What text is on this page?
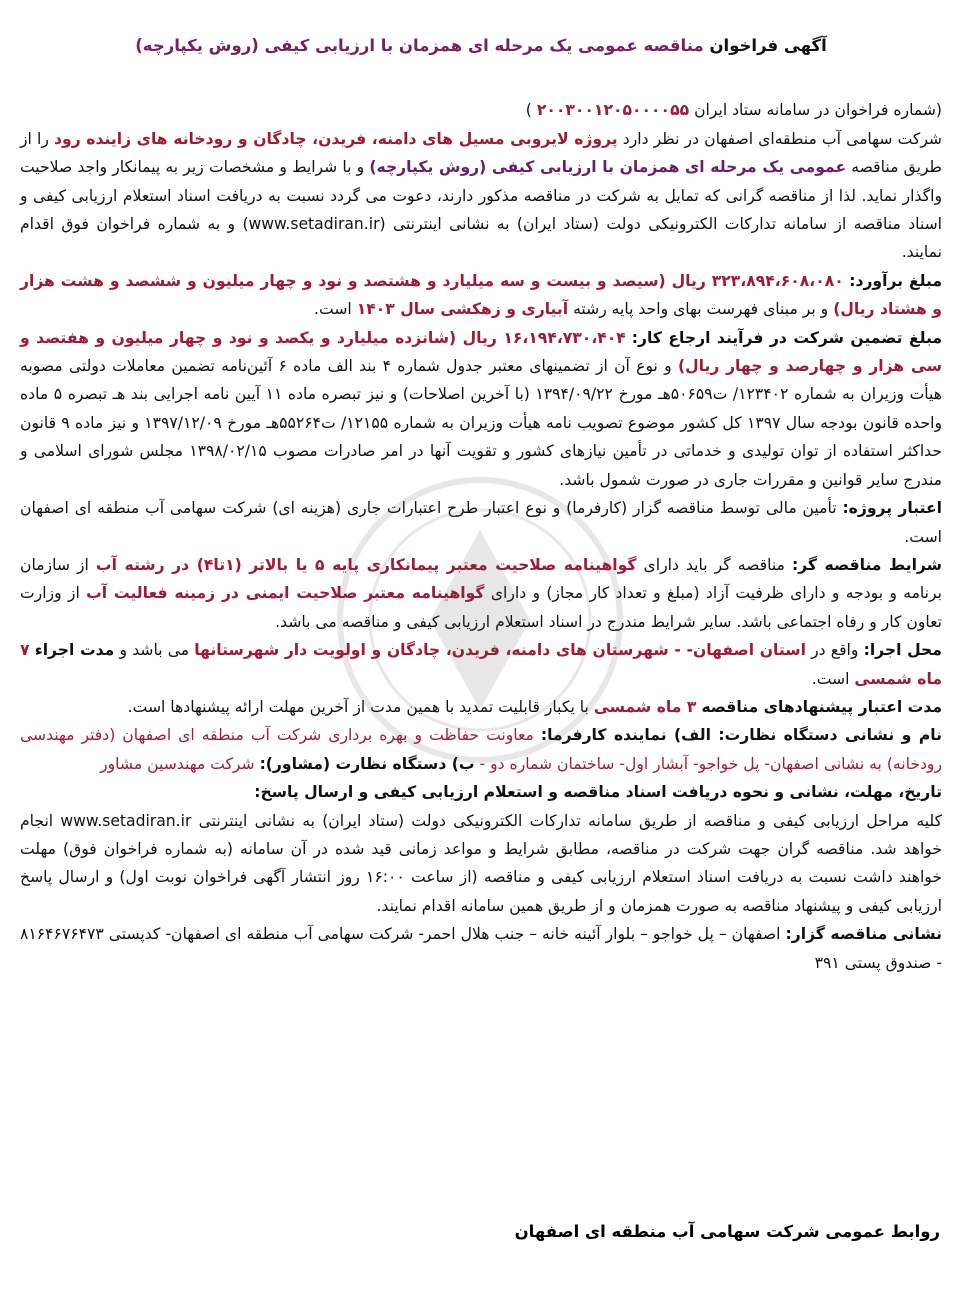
آگهی فراخوان مناقصه عمومی یک مرحله ای همزمان با ارزیابی کیفی (روش یکپارچه)

(شماره فراخوان در سامانه ستاد ایران ۲۰۰۳۰۰۱۲۰۵۰۰۰۰۵۵ )

شرکت سهامی آب منطقه‌ای اصفهان در نظر دارد پروژه لایروبی مسیل های دامنه، فریدن، چادگان و رودخانه های زاینده رود را از طریق مناقصه عمومی یک مرحله ای همزمان با ارزیابی کیفی (روش یکپارچه) و با شرایط و مشخصات زیر به پیمانکار واجد صلاحیت واگذار نماید. لذا از مناقصه گرانی که تمایل به شرکت در مناقصه مذکور دارند، دعوت می گردد نسبت به دریافت اسناد استعلام ارزیابی کیفی و اسناد مناقصه از سامانه تدارکات الکترونیکی دولت (ستاد ایران) به نشانی اینترنتی (www.setadiran.ir) و به شماره فراخوان فوق اقدام نمایند.

مبلغ برآورد: ۳۲۳،۸۹۴،۶۰۸،۰۸۰ ریال (سیصد و بیست و سه میلیارد و هشتصد و نود و چهار میلیون و ششصد و هشت هزار و هشتاد ریال) و بر مبنای فهرست بهای واحد پایه رشته آبیاری و زهکشی سال ۱۴۰۳ است.

مبلغ تضمین شرکت در فرآیند ارجاع کار: ۱۶،۱۹۴،۷۳۰،۴۰۴ ریال (شانزده میلیارد و یکصد و نود و چهار میلیون و هفتصد و سی هزار و چهارصد و چهار ریال) و نوع آن از تضمینهای معتبر جدول شماره ۴ بند الف ماده ۶ آئین‌نامه تضمین معاملات دولتی مصوبه هیأت وزیران به شماره ۱۲۳۴۰۲/ ت۵۰۶۵۹هـ مورخ ۱۳۹۴/۰۹/۲۲ (با آخرین اصلاحات) و نیز تبصره ماده ۱۱ آیین نامه اجرایی بند هـ تبصره ۵ ماده واحده قانون بودجه سال ۱۳۹۷ کل کشور موضوع تصویب نامه هیأت وزیران به شماره ۱۲۱۵۵/ ت۵۵۲۶۴هـ مورخ ۱۳۹۷/۱۲/۰۹ و نیز ماده ۹ قانون حداکثر استفاده از توان تولیدی و خدماتی در تأمین نیازهای کشور و تقویت آنها در امر صادرات مصوب ۱۳۹۸/۰۲/۱۵ مجلس شورای اسلامی و مندرج سایر قوانین و مقررات جاری در صورت شمول باشد.

اعتبار پروژه: تأمین مالی توسط مناقصه گزار (کارفرما) و نوع اعتبار طرح اعتبارات جاری (هزینه ای) شرکت سهامی آب منطقه ای اصفهان است.

شرایط مناقصه گر: مناقصه گر باید دارای گواهینامه صلاحیت معتبر پیمانکاری پایه ۵ یا بالاتر (۱تا۴) در رشته آب از سازمان برنامه و بودجه و دارای ظرفیت آزاد (مبلغ و تعداد کار مجاز) و دارای گواهینامه معتبر صلاحیت ایمنی در زمینه فعالیت آب از وزارت تعاون کار و رفاه اجتماعی باشد. سایر شرایط مندرج در اسناد استعلام ارزیابی کیفی و مناقصه می باشد.

محل اجرا: واقع در استان اصفهان- - شهرستان های دامنه، فریدن، چادگان و اولویت دار شهرستانها می باشد و مدت اجراء ۷ ماه شمسی است.

مدت اعتبار پیشنهادهای مناقصه ۳ ماه شمسی با یکبار قابلیت تمدید با همین مدت از آخرین مهلت ارائه پیشنهادها است.

نام و نشانی دستگاه نظارت: الف) نماینده کارفرما: معاونت حفاظت و بهره برداری شرکت آب منطقه ای اصفهان (دفتر مهندسی رودخانه) به نشانی اصفهان- پل خواجو- آبشار اول- ساختمان شماره دو - ب) دستگاه نظارت (مشاور): شرکت مهندسین مشاور

تاریخ، مهلت، نشانی و نحوه دریافت اسناد مناقصه و استعلام ارزیابی کیفی و ارسال پاسخ:

کلیه مراحل ارزیابی کیفی و مناقصه از طریق سامانه تدارکات الکترونیکی دولت (ستاد ایران) به نشانی اینترنتی www.setadiran.ir انجام خواهد شد. مناقصه گران جهت شرکت در مناقصه، مطابق شرایط و مواعد زمانی قید شده در آن سامانه (به شماره فراخوان فوق) مهلت خواهند داشت نسبت به دریافت اسناد استعلام ارزیابی کیفی و مناقصه (از ساعت ۱۶:۰۰ روز انتشار آگهی فراخوان نوبت اول) و ارسال پاسخ ارزیابی کیفی و پیشنهاد مناقصه به صورت همزمان و از طریق همین سامانه اقدام نمایند.

نشانی مناقصه گزار: اصفهان – پل خواجو – بلوار آئینه خانه – جنب هلال احمر- شرکت سهامی آب منطقه ای اصفهان- کدپستی ۸۱۶۴۶۷۶۴۷۳ - صندوق پستی ۳۹۱

روابط عمومی شرکت سهامی آب منطقه ای اصفهان
